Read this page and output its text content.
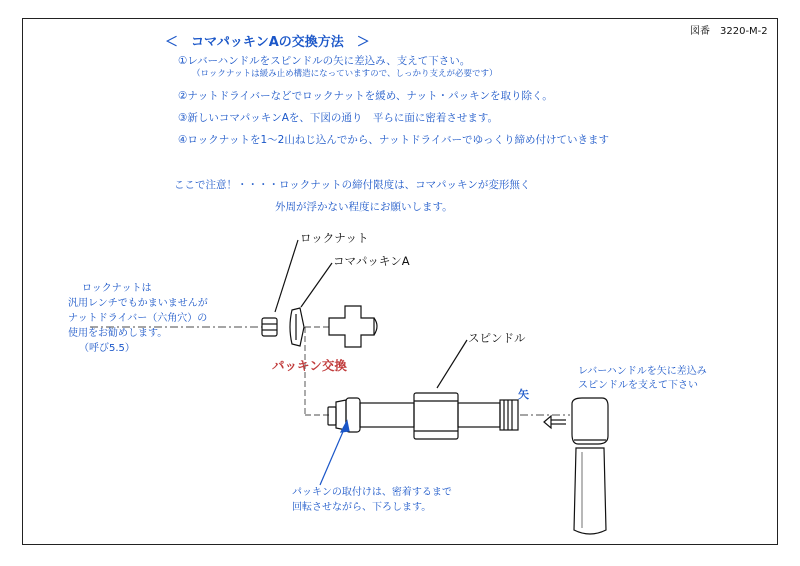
＜　コマパッキンAの交換方法　＞
図番　3220-M-2
①レバーハンドルをスピンドルの矢に差込み、支えて下さい。
（ロックナットは緩み止め構造になっていますので、しっかり支えが必要です）
②ナットドライバーなどでロックナットを緩め、ナット・パッキンを取り除く。
③新しいコマパッキンAを、下図の通り　平らに面に密着させます。
④ロックナットを1～2山ねじ込んでから、ナットドライバーでゆっくり締め付けていきます
ここで注意！・・・・ロックナットの締付限度は、コマパッキンが変形無く
外周が浮かない程度にお願いします。
ロックナット
コマパッキンA
スピンドル
パッキン交換
矢
ロックナットは
汎用レンチでもかまいませんが
ナットドライバー（六角穴）の
使用をお勧めします。
（呼び5.5）
レバーハンドルを矢に差込み
スピンドルを支えて下さい
パッキンの取付けは、密着するまで
回転させながら、下ろします。
